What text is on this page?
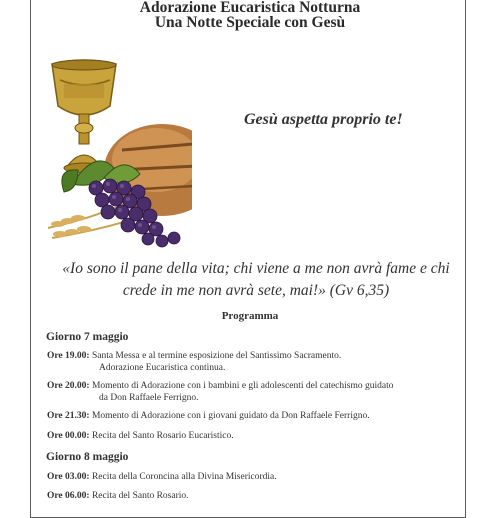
Adorazione Eucaristica Notturna
Una Notte Speciale con Gesù
Gesù aspetta proprio te!
«Io sono il pane della vita; chi viene a me non avrà fame e chi crede in me non avrà sete, mai!» (Gv 6,35)
Programma
Giorno 7 maggio
Ore 19.00: Santa Messa e al termine esposizione del Santissimo Sacramento.
Adorazione Eucaristica continua.
Ore 20.00: Momento di Adorazione con i bambini e gli adolescenti del catechismo guidato
da Don Raffaele Ferrigno.
Ore 21.30: Momento di Adorazione con i giovani guidato da Don Raffaele Ferrigno.
Ore 00.00: Recita del Santo Rosario Eucaristico.
Giorno 8 maggio
Ore 03.00: Recita della Coroncina alla Divina Misericordia.
Ore 06.00: Recita del Santo Rosario.
